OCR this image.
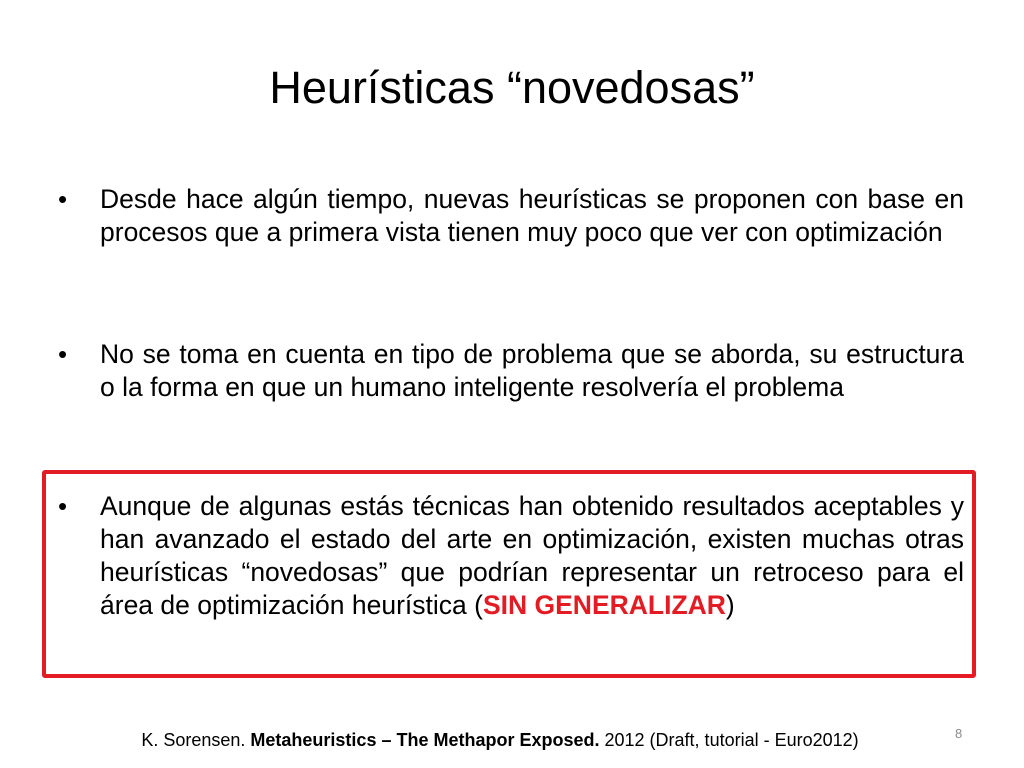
Heurísticas “novedosas”
•	Desde hace algún tiempo, nuevas heurísticas se proponen con base en procesos que a primera vista tienen muy poco que ver con optimización
•	No se toma en cuenta en tipo de problema que se aborda, su estructura o la forma en que un humano inteligente resolvería el problema
•	Aunque de algunas estás técnicas han obtenido resultados aceptables y han avanzado el estado del arte en optimización, existen muchas otras heurísticas “novedosas” que podrían representar un retroceso para el área de optimización heurística (SIN GENERALIZAR)
K. Sorensen. Metaheuristics – The Methapor Exposed. 2012 (Draft, tutorial - Euro2012)	8
